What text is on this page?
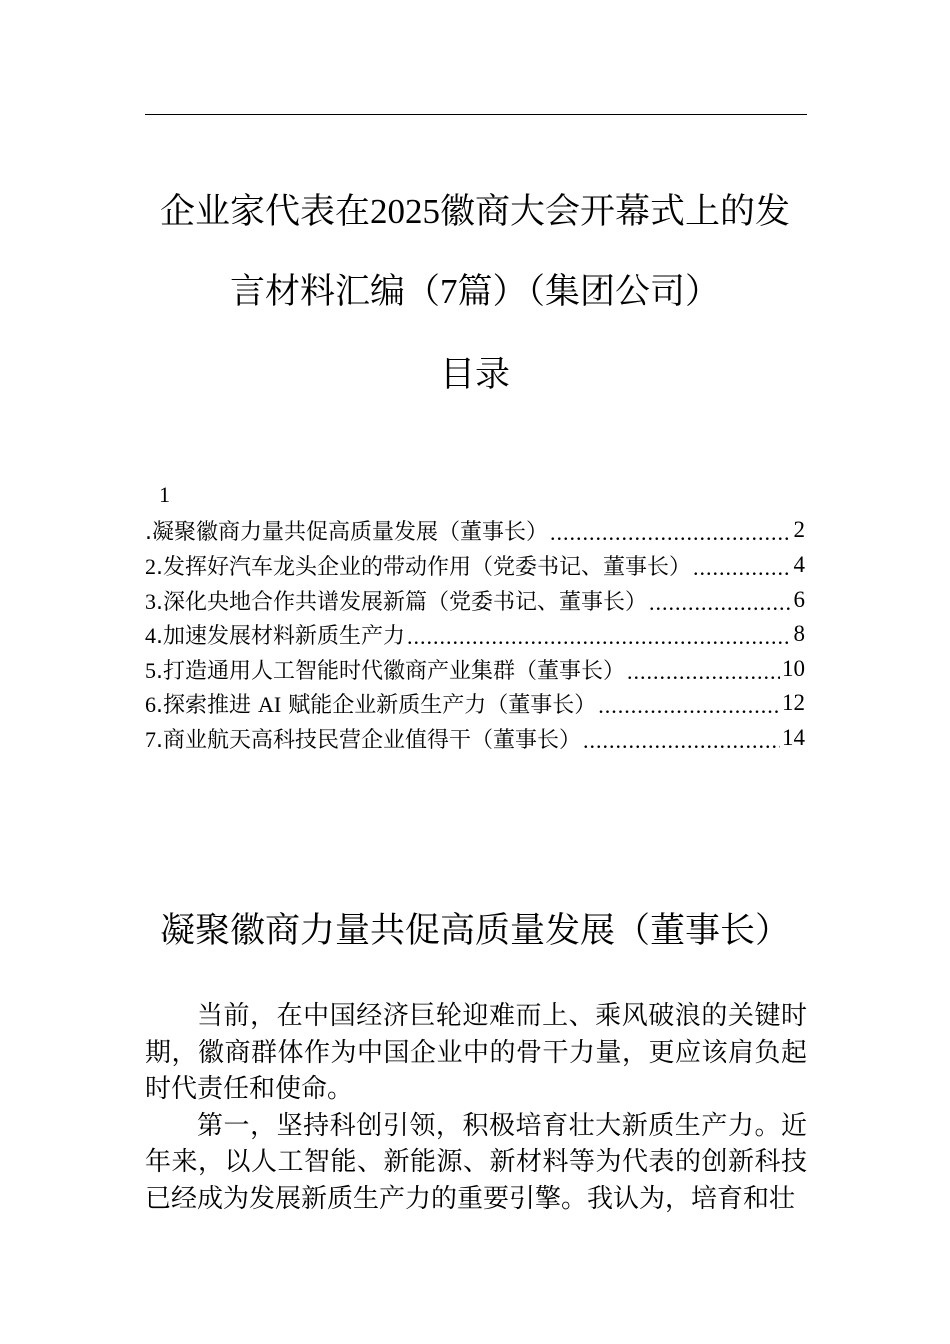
企业家代表在2025徽商大会开幕式上的发
言材料汇编（7篇）（集团公司）
目录
1
.凝聚徽商力量共促高质量发展（董事长） .....	2
2.发挥好汽车龙头企业的带动作用（党委书记、董事长） .....	4
3.深化央地合作共谱发展新篇（党委书记、董事长） .....	6
4.加速发展材料新质生产力 .....	8
5.打造通用人工智能时代徽商产业集群（董事长） .....	10
6.探索推进 AI 赋能企业新质生产力（董事长） .....	12
7.商业航天高科技民营企业值得干（董事长） .....	14
凝聚徽商力量共促高质量发展（董事长）

当前，在中国经济巨轮迎难而上、乘风破浪的关键时期，徽商群体作为中国企业中的骨干力量，更应该肩负起时代责任和使命。

第一，坚持科创引领，积极培育壮大新质生产力。近年来，以人工智能、新能源、新材料等为代表的创新科技已经成为发展新质生产力的重要引擎。我认为，培育和壮
